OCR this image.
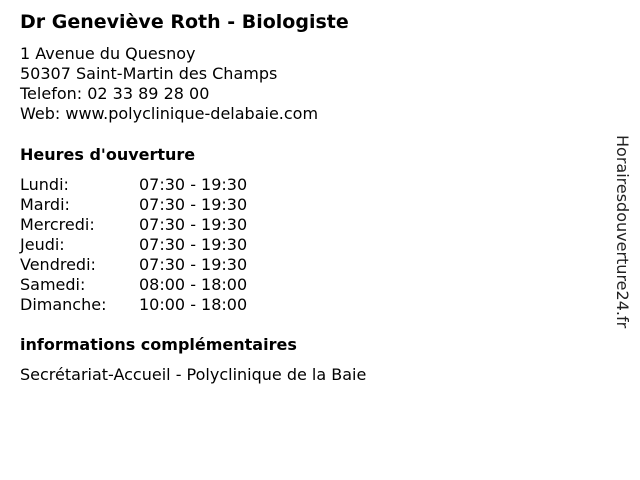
Dr Geneviève Roth - Biologiste
1 Avenue du Quesnoy
50307 Saint-Martin des Champs
Telefon: 02 33 89 28 00
Web: www.polyclinique-delabaie.com
Heures d'ouverture
Lundi:	07:30 - 19:30
Mardi:	07:30 - 19:30
Mercredi:	07:30 - 19:30
Jeudi:	07:30 - 19:30
Vendredi:	07:30 - 19:30
Samedi:	08:00 - 18:00
Dimanche:	10:00 - 18:00
informations complémentaires
Secrétariat-Accueil - Polyclinique de la Baie
Horairesdouverture24.fr
